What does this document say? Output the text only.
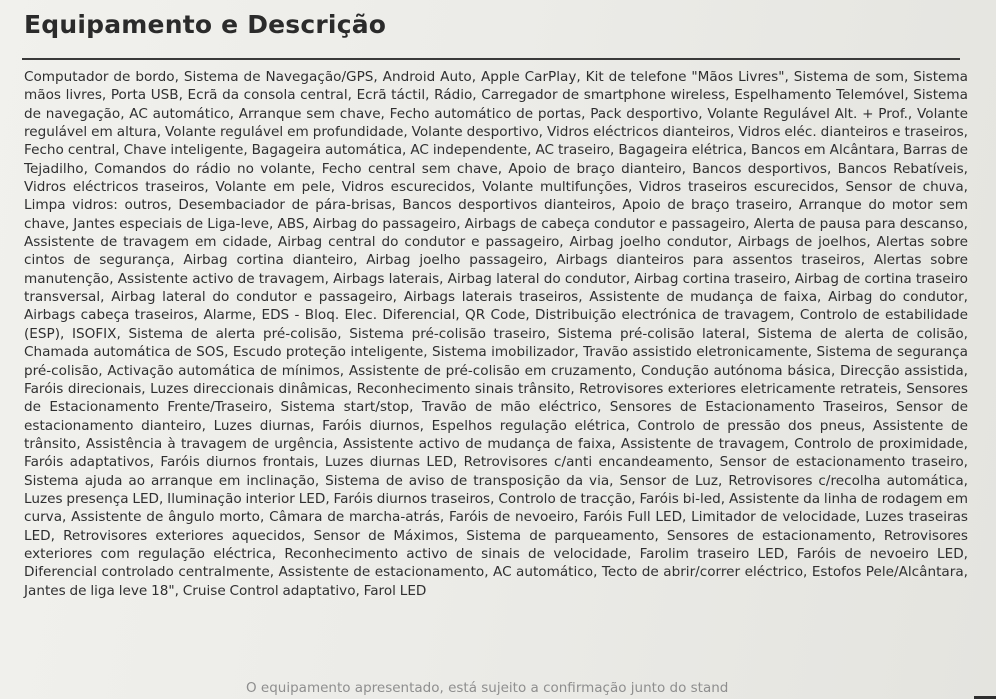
Equipamento e Descrição

Computador de bordo, Sistema de Navegação/GPS, Android Auto, Apple CarPlay, Kit de telefone "Mãos Livres", Sistema de som, Sistema mãos livres, Porta USB, Ecrã da consola central, Ecrã táctil, Rádio, Carregador de smartphone wireless, Espelhamento Telemóvel, Sistema de navegação, AC automático, Arranque sem chave, Fecho automático de portas, Pack desportivo, Volante Regulável Alt. + Prof., Volante regulável em altura, Volante regulável em profundidade, Volante desportivo, Vidros eléctricos dianteiros, Vidros eléc. dianteiros e traseiros, Fecho central, Chave inteligente, Bagageira automática, AC independente, AC traseiro, Bagageira elétrica, Bancos em Alcântara, Barras de Tejadilho, Comandos do rádio no volante, Fecho central sem chave, Apoio de braço dianteiro, Bancos desportivos, Bancos Rebatíveis, Vidros eléctricos traseiros, Volante em pele, Vidros escurecidos, Volante multifunções, Vidros traseiros escurecidos, Sensor de chuva, Limpa vidros: outros, Desembaciador de pára-brisas, Bancos desportivos dianteiros, Apoio de braço traseiro, Arranque do motor sem chave, Jantes especiais de Liga-leve, ABS, Airbag do passageiro, Airbags de cabeça condutor e passageiro, Alerta de pausa para descanso, Assistente de travagem em cidade, Airbag central do condutor e passageiro, Airbag joelho condutor, Airbags de joelhos, Alertas sobre cintos de segurança, Airbag cortina dianteiro, Airbag joelho passageiro, Airbags dianteiros para assentos traseiros, Alertas sobre manutenção, Assistente activo de travagem, Airbags laterais, Airbag lateral do condutor, Airbag cortina traseiro, Airbag de cortina traseiro transversal, Airbag lateral do condutor e passageiro, Airbags laterais traseiros, Assistente de mudança de faixa, Airbag do condutor, Airbags cabeça traseiros, Alarme, EDS - Bloq. Elec. Diferencial, QR Code, Distribuição electrónica de travagem, Controlo de estabilidade (ESP), ISOFIX, Sistema de alerta pré-colisão, Sistema pré-colisão traseiro, Sistema pré-colisão lateral, Sistema de alerta de colisão, Chamada automática de SOS, Escudo proteção inteligente, Sistema imobilizador, Travão assistido eletronicamente, Sistema de segurança pré-colisão, Activação automática de mínimos, Assistente de pré-colisão em cruzamento, Condução autónoma básica, Direcção assistida, Faróis direcionais, Luzes direccionais dinâmicas, Reconhecimento sinais trânsito, Retrovisores exteriores eletricamente retrateis, Sensores de Estacionamento Frente/Traseiro, Sistema start/stop, Travão de mão eléctrico, Sensores de Estacionamento Traseiros, Sensor de estacionamento dianteiro, Luzes diurnas, Faróis diurnos, Espelhos regulação elétrica, Controlo de pressão dos pneus, Assistente de trânsito, Assistência à travagem de urgência, Assistente activo de mudança de faixa, Assistente de travagem, Controlo de proximidade, Faróis adaptativos, Faróis diurnos frontais, Luzes diurnas LED, Retrovisores c/anti encandeamento, Sensor de estacionamento traseiro, Sistema ajuda ao arranque em inclinação, Sistema de aviso de transposição da via, Sensor de Luz, Retrovisores c/recolha automática, Luzes presença LED, Iluminação interior LED, Faróis diurnos traseiros, Controlo de tracção, Faróis bi-led, Assistente da linha de rodagem em curva, Assistente de ângulo morto, Câmara de marcha-atrás, Faróis de nevoeiro, Faróis Full LED, Limitador de velocidade, Luzes traseiras LED, Retrovisores exteriores aquecidos, Sensor de Máximos, Sistema de parqueamento, Sensores de estacionamento, Retrovisores exteriores com regulação eléctrica, Reconhecimento activo de sinais de velocidade, Farolim traseiro LED, Faróis de nevoeiro LED, Diferencial controlado centralmente, Assistente de estacionamento, AC automático, Tecto de abrir/correr eléctrico, Estofos Pele/Alcântara, Jantes de liga leve 18", Cruise Control adaptativo, Farol LED

O equipamento apresentado, está sujeito a confirmação junto do stand
